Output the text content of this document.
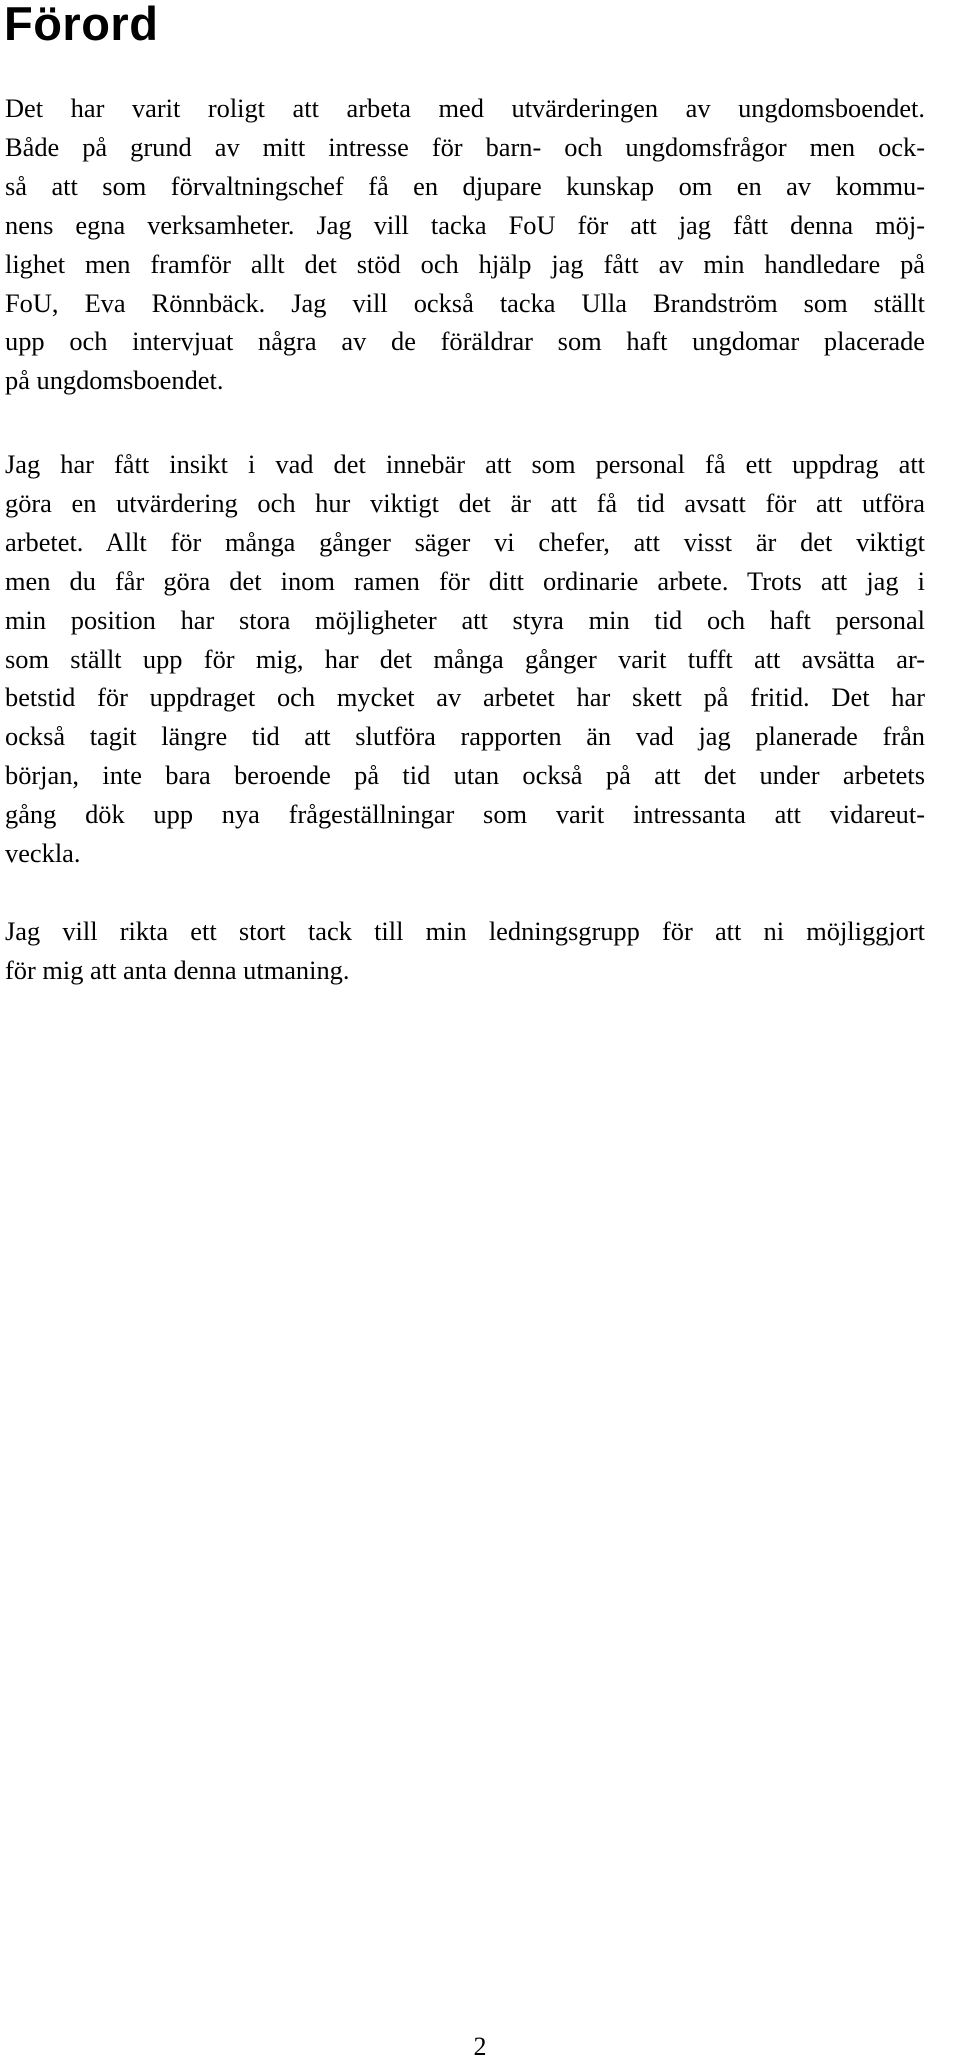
Förord
Det har varit roligt att arbeta med utvärderingen av ungdomsboendet.
Både på grund av mitt intresse för barn- och ungdomsfrågor men ock-
så att som förvaltningschef få en djupare kunskap om en av kommu-
nens egna verksamheter. Jag vill tacka FoU för att jag fått denna möj-
lighet men framför allt det stöd och hjälp jag fått av min handledare på
FoU, Eva Rönnbäck. Jag vill också tacka Ulla Brandström som ställt
upp och intervjuat några av de föräldrar som haft ungdomar placerade
på ungdomsboendet.
Jag har fått insikt i vad det innebär att som personal få ett uppdrag att
göra en utvärdering och hur viktigt det är att få tid avsatt för att utföra
arbetet. Allt för många gånger säger vi chefer, att visst är det viktigt
men du får göra det inom ramen för ditt ordinarie arbete. Trots att jag i
min position har stora möjligheter att styra min tid och haft personal
som ställt upp för mig, har det många gånger varit tufft att avsätta ar-
betstid för uppdraget och mycket av arbetet har skett på fritid. Det har
också tagit längre tid att slutföra rapporten än vad jag planerade från
början, inte bara beroende på tid utan också på att det under arbetets
gång dök upp nya frågeställningar som varit intressanta att vidareut-
veckla.
Jag vill rikta ett stort tack till min ledningsgrupp för att ni möjliggjort
för mig att anta denna utmaning.
2
